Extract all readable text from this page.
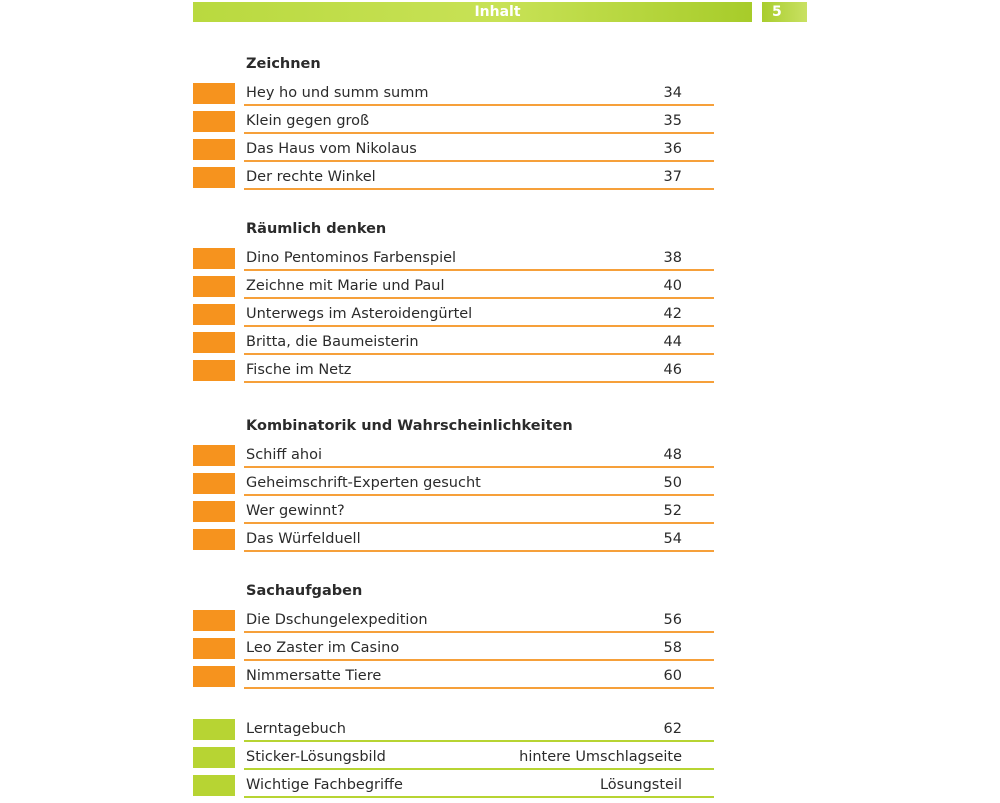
Inhalt	5
Zeichnen
Hey ho und summ summ	34
Klein gegen groß	35
Das Haus vom Nikolaus	36
Der rechte Winkel	37
Räumlich denken
Dino Pentominos Farbenspiel	38
Zeichne mit Marie und Paul	40
Unterwegs im Asteroidengürtel	42
Britta, die Baumeisterin	44
Fische im Netz	46
Kombinatorik und Wahrscheinlichkeiten
Schiff ahoi	48
Geheimschrift-Experten gesucht	50
Wer gewinnt?	52
Das Würfelduell	54
Sachaufgaben
Die Dschungelexpedition	56
Leo Zaster im Casino	58
Nimmersatte Tiere	60
Lerntagebuch	62
Sticker-Lösungsbild	hintere Umschlagseite
Wichtige Fachbegriffe	Lösungsteil
